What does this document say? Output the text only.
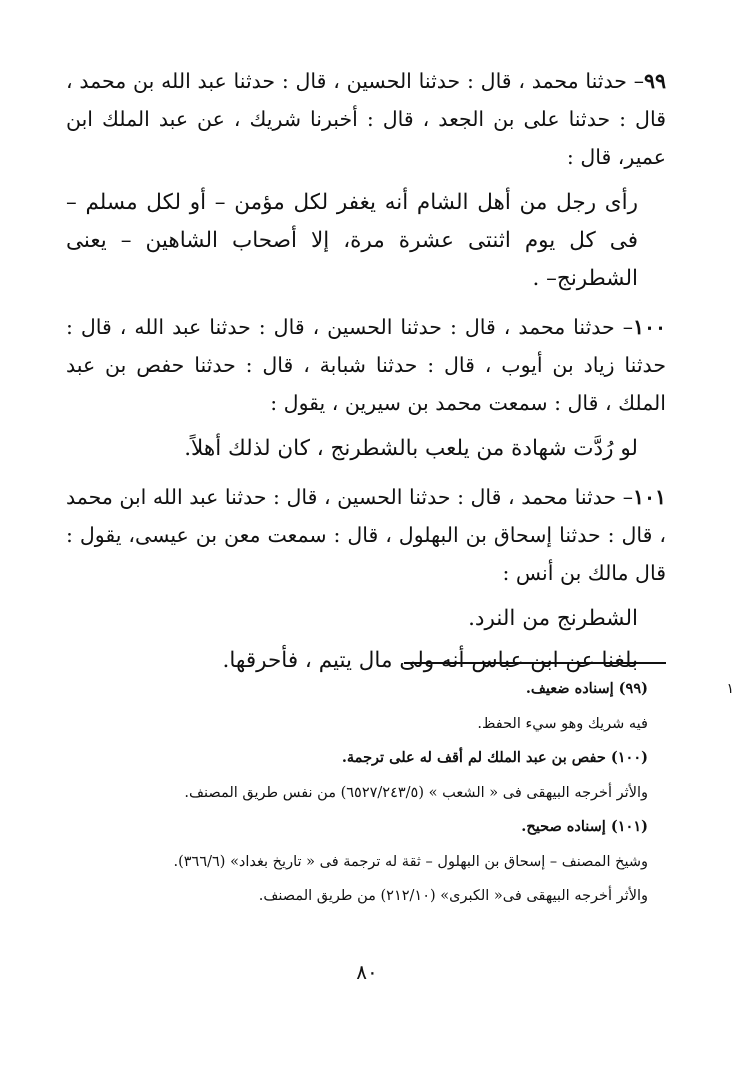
٩٩– حدثنا محمد ، قال : حدثنا الحسين ، قال : حدثنا عبد الله بن محمد ، قال : حدثنا على بن الجعد ، قال : أخبرنا شريك ، عن عبد الملك ابن عمير، قال :

رأى رجل من أهل الشام أنه يغفر لكل مؤمن – أو لكل مسلم – فى كل يوم اثنتى عشرة مرة، إلا أصحاب الشاهين – يعنى الشطرنج– .

١٠٠– حدثنا محمد ، قال : حدثنا الحسين ، قال : حدثنا عبد الله ، قال : حدثنا زياد بن أيوب ، قال : حدثنا شبابة ، قال : حدثنا حفص بن عبد الملك ، قال : سمعت محمد بن سيرين ، يقول :

لو رُدَّت شهادة من يلعب بالشطرنج ، كان لذلك أهلاً.

١٠١– حدثنا محمد ، قال : حدثنا الحسين ، قال : حدثنا عبد الله ابن محمد ، قال : حدثنا إسحاق بن البهلول ، قال : سمعت معن بن عيسى، يقول : قال مالك بن أنس :

الشطرنج من النرد.

بلغنا عن ابن عباس أنه ولى مال يتيم ، فأحرقها.

١

(٩٩) إسناده ضعيف.

فيه شريك وهو سيء الحفظ.

(١٠٠) حفص بن عبد الملك لم أقف له على ترجمة.

والأثر أخرجه البيهقى فى « الشعب » (٦٥٢٧/٢٤٣/٥) من نفس طريق المصنف.

(١٠١) إسناده صحيح.

وشيخ المصنف – إسحاق بن البهلول – ثقة له ترجمة فى « تاريخ بغداد» (٣٦٦/٦).

والأثر أخرجه البيهقى فى« الكبرى» (٢١٢/١٠) من طريق المصنف.

٨٠
